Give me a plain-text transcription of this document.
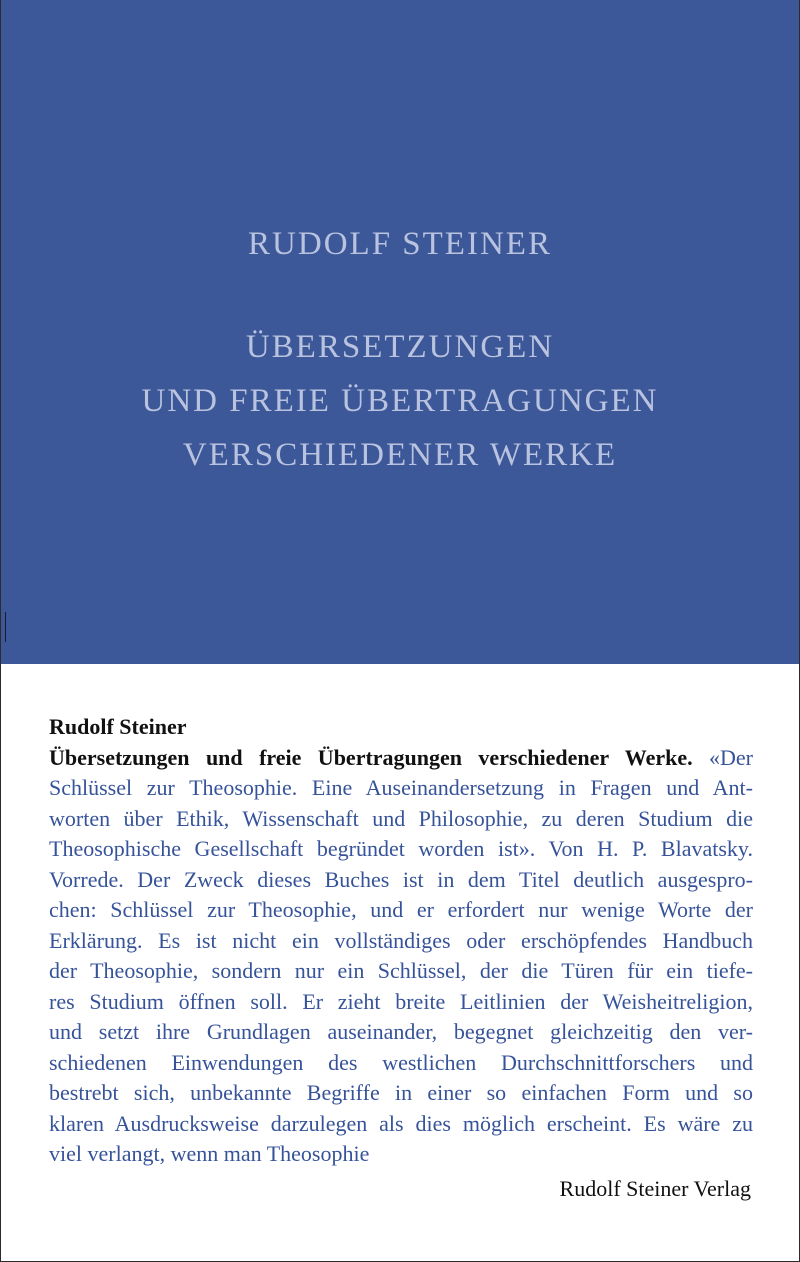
RUDOLF STEINER
ÜBERSETZUNGEN
UND FREIE ÜBERTRAGUNGEN
VERSCHIEDENER WERKE
Rudolf Steiner
Übersetzungen und freie Übertragungen verschiedener Werke. «Der
Schlüssel zur Theosophie. Eine Auseinandersetzung in Fragen und Ant-
worten über Ethik, Wissenschaft und Philosophie, zu deren Studium die
Theosophische Gesellschaft begründet worden ist». Von H. P. Blavatsky.
Vorrede. Der Zweck dieses Buches ist in dem Titel deutlich ausgespro-
chen: Schlüssel zur Theosophie, und er erfordert nur wenige Worte der
Erklärung. Es ist nicht ein vollständiges oder erschöpfendes Handbuch
der Theosophie, sondern nur ein Schlüssel, der die Türen für ein tiefe-
res Studium öffnen soll. Er zieht breite Leitlinien der Weisheitreligion,
und setzt ihre Grundlagen auseinander, begegnet gleichzeitig den ver-
schiedenen Einwendungen des westlichen Durchschnittforschers und
bestrebt sich, unbekannte Begriffe in einer so einfachen Form und so
klaren Ausdrucksweise darzulegen als dies möglich erscheint. Es wäre zu
viel verlangt, wenn man Theosophie
Rudolf Steiner Verlag
